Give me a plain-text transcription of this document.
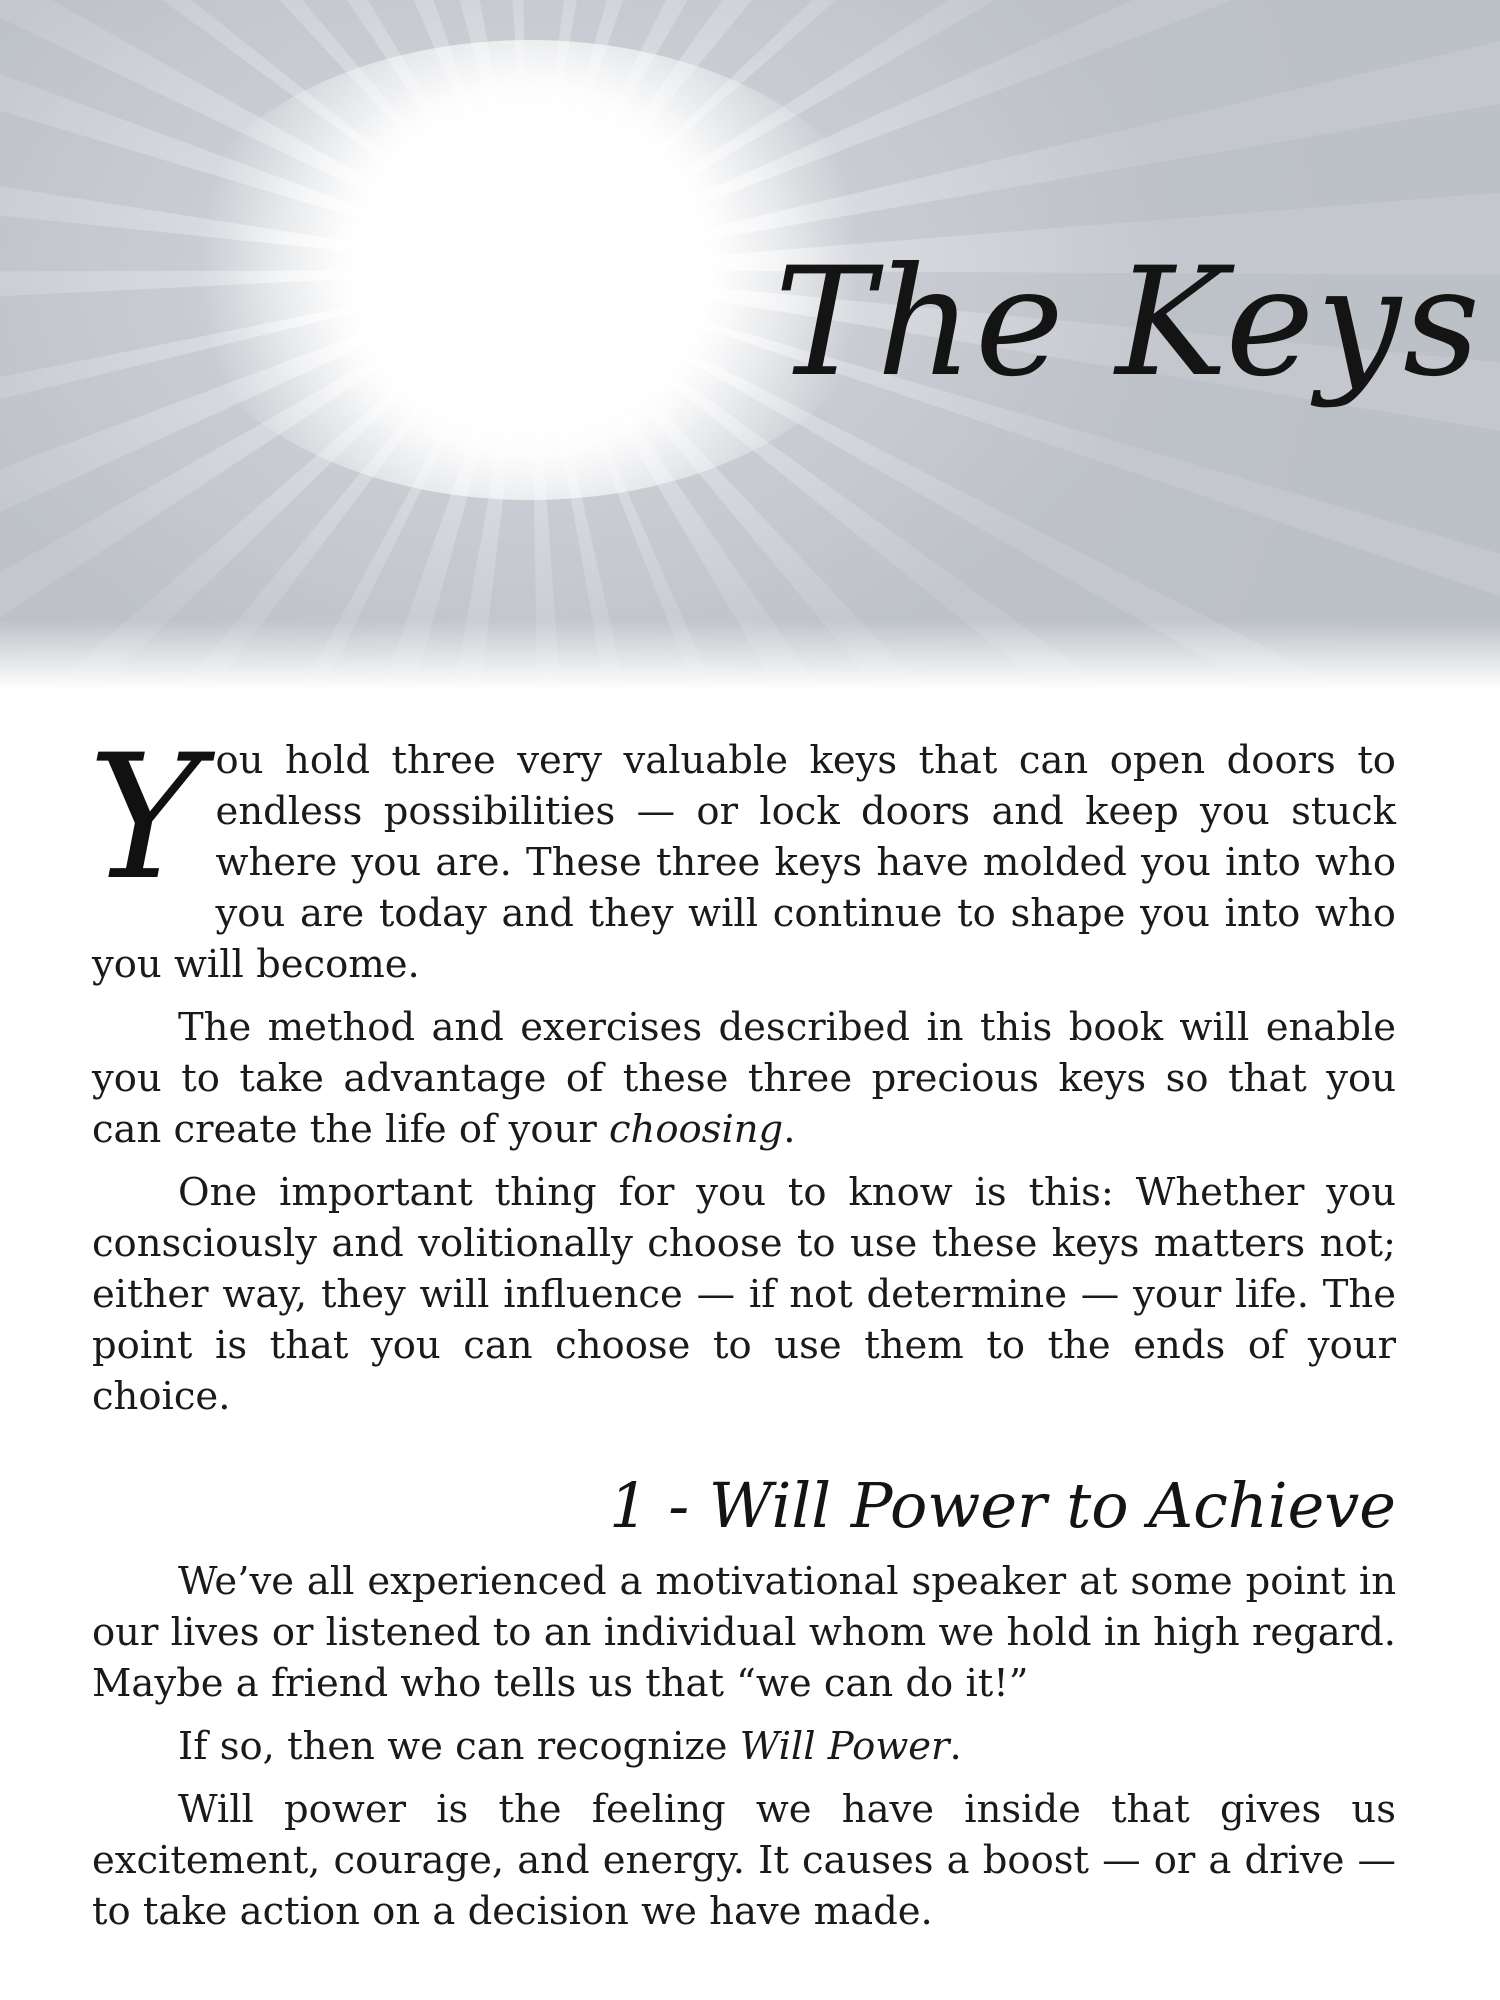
The Keys

You hold three very valuable keys that can open doors to endless possibilities — or lock doors and keep you stuck where you are. These three keys have molded you into who you are today and they will continue to shape you into who you will become.

The method and exercises described in this book will enable you to take advantage of these three precious keys so that you can create the life of your choosing.

One important thing for you to know is this: Whether you consciously and volitionally choose to use these keys matters not; either way, they will influence — if not determine — your life. The point is that you can choose to use them to the ends of your choice.

1 - Will Power to Achieve

We’ve all experienced a motivational speaker at some point in our lives or listened to an individual whom we hold in high regard. Maybe a friend who tells us that “we can do it!”

If so, then we can recognize Will Power.

Will power is the feeling we have inside that gives us excitement, courage, and energy. It causes a boost — or a drive — to take action on a decision we have made.
